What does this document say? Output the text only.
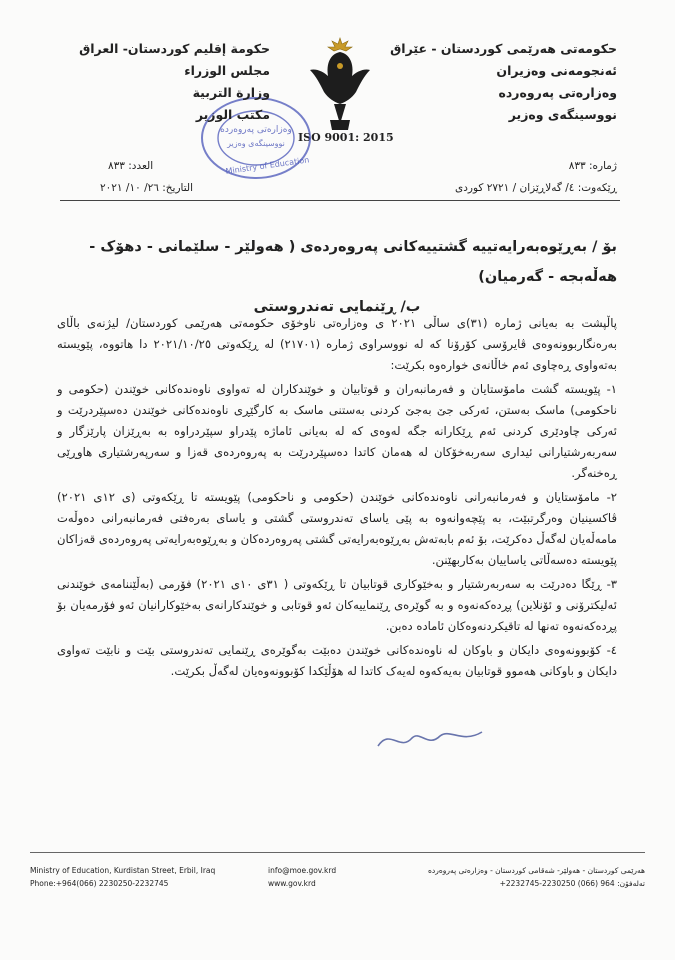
حکومەتی هەرێمی کوردستان - عێراق
ئەنجومەنی وەزیران
وەزارەتی پەروەردە
نووسینگەی وەزیر
ISO 9001: 2015
وەزارەتی پەروەردە
نووسینگەی وەزیر
Ministry of Education
حکومة إقليم کوردستان- العراق
مجلس الوزراء
وزارة التربية
مکتب الوزير
ژمارە: ٨٣٣
ڕێکەوت: ٤/ گەلاڕێزان / ٢٧٢١ کوردی
العدد: ٨٣٣
التاريخ: ٢٦/ ١٠/ ٢٠٢١
بۆ / بەڕێوەبەرایەتییە گشتییەکانی پەروەردەی ( هەولێر - سلێمانی - دهۆک - هەڵەبجە - گەرمیان)
ب/ ڕێنمایی تەندروستی

پاڵپشت بە بەیانی ژمارە (٣١)ی ساڵی ٢٠٢١ ی وەزارەتی ناوخۆی حکومەتی هەرێمی کوردستان/ لیژنەی باڵای بەرەنگاربوونەوەی ڤایرۆسی کۆرۆنا کە لە نووسراوی ژمارە (٢١٧٠١) لە ڕێکەوتی ٢٠٢١/١٠/٢٥ دا هاتووە، پێویستە بەتەواوی ڕەچاوی ئەم خاڵانەی خوارەوە بکرێت:

١- پێویستە گشت مامۆستایان و فەرمانبەران و قوتابیان و خوێندکاران لە تەواوی ناوەندەکانی خوێندن (حکومی و ناحکومی) ماسک بەستن، ئەرکی جێ بەجێ کردنی بەستنی ماسک بە کارگێڕی ناوەندەکانی خوێندن دەسپێردرێت و ئەرکی چاودێری کردنی ئەم ڕێکارانە جگە لەوەی کە لە بەیانی ئاماژە پێدراو سپێردراوە بە بەڕێزان پارێزگار و سەربەرشتیارانی ئیداری سەربەخۆکان لە هەمان کاتدا دەسپێردرێت بە پەروەردەی قەزا و سەرپەرشتیاری هاوڕێی ڕەخنەگر.

٢- مامۆستایان و فەرمانبەرانی ناوەندەکانی خوێندن (حکومی و ناحکومی) پێویستە تا ڕێکەوتی (ی ١٢ی ٢٠٢١) ڤاکسینیان وەرگرتبێت، بە پێچەوانەوە بە پێی یاسای تەندروستی گشتی و یاسای بەرەفتی فەرمانبەرانی دەوڵەت مامەڵەیان لەگەڵ دەکرێت، بۆ ئەم بابەتەش بەڕێوەبەرایەتی گشتی پەروەردەکان و بەڕێوەبەرایەتی پەروەردەی قەزاکان پێویستە دەسەڵاتی یاساییان بەکاربهێنن.

٣- ڕێگا دەدرێت بە سەربەرشتیار و بەخێوکاری قوتابیان تا ڕێکەوتی ( ٣١ی ١٠ی ٢٠٢١) فۆرمی (بەڵێننامەی خوێندنی ئەلیکترۆنی و ئۆنلاین) پڕدەکەنەوە و بە گوێرەی ڕێنماییەکان ئەو قوتابی و خوێندکارانەی بەخێوکارانیان ئەو فۆرمەیان بۆ پڕدەکەنەوە تەنها لە تاقیکردنەوەکان ئامادە دەبن.

٤- کۆبوونەوەی دایکان و باوکان لە ناوەندەکانی خوێندن دەبێت بەگوێرەی ڕێنمایی تەندروستی بێت و نابێت تەواوی دایکان و باوکانی هەموو قوتابیان بەیەکەوە لەیەک کاتدا لە هۆڵێکدا کۆبوونەوەیان لەگەڵ بکرێت.

Ministry of Education, Kurdistan Street, Erbil, Iraq
Phone:+964(066) 2230250-2232745
info@moe.gov.krd
www.gov.krd
هەرێمی کوردستان - هەولێر- شەقامی کوردستان - وەزارەتی پەروەردە
تەلەفۆن: 964 (066) 2230250-2232745+
